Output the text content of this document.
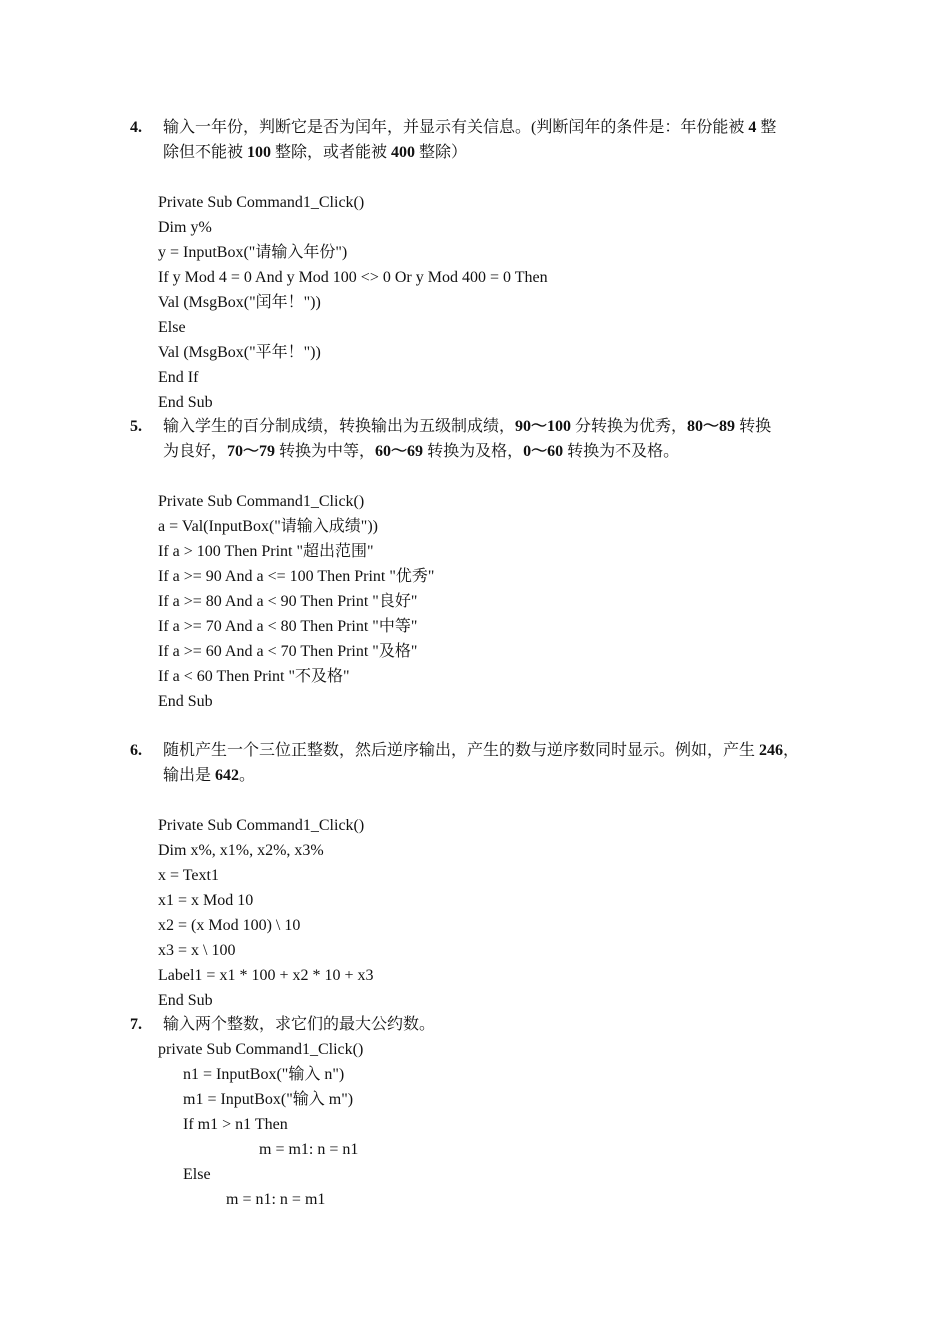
4. 输入一年份，判断它是否为闰年，并显示有关信息。(判断闰年的条件是：年份能被 4 整
除但不能被 100 整除，或者能被 400 整除）
Private Sub Command1_Click()
Dim y%
y = InputBox("请输入年份")
If y Mod 4 = 0 And y Mod 100 <> 0 Or y Mod 400 = 0 Then
Val (MsgBox("闰年！"))
Else
Val (MsgBox("平年！"))
End If
End Sub
5. 输入学生的百分制成绩，转换输出为五级制成绩，90～100 分转换为优秀，80～89 转换
为良好，70～79 转换为中等，60～69 转换为及格，0～60 转换为不及格。
Private Sub Command1_Click()
a = Val(InputBox("请输入成绩"))
If a > 100 Then Print "超出范围"
If a >= 90 And a <= 100 Then Print "优秀"
If a >= 80 And a < 90 Then Print "良好"
If a >= 70 And a < 80 Then Print "中等"
If a >= 60 And a < 70 Then Print "及格"
If a < 60 Then Print "不及格"
End Sub
6. 随机产生一个三位正整数，然后逆序输出，产生的数与逆序数同时显示。例如，产生 246，
输出是 642。
Private Sub Command1_Click()
Dim x%, x1%, x2%, x3%
x = Text1
x1 = x Mod 10
x2 = (x Mod 100) \ 10
x3 = x \ 100
Label1 = x1 * 100 + x2 * 10 + x3
End Sub
7. 输入两个整数，求它们的最大公约数。
private Sub Command1_Click()
n1 = InputBox("输入 n")
m1 = InputBox("输入 m")
If m1 > n1 Then
m = m1: n = n1
Else
m = n1: n = m1
